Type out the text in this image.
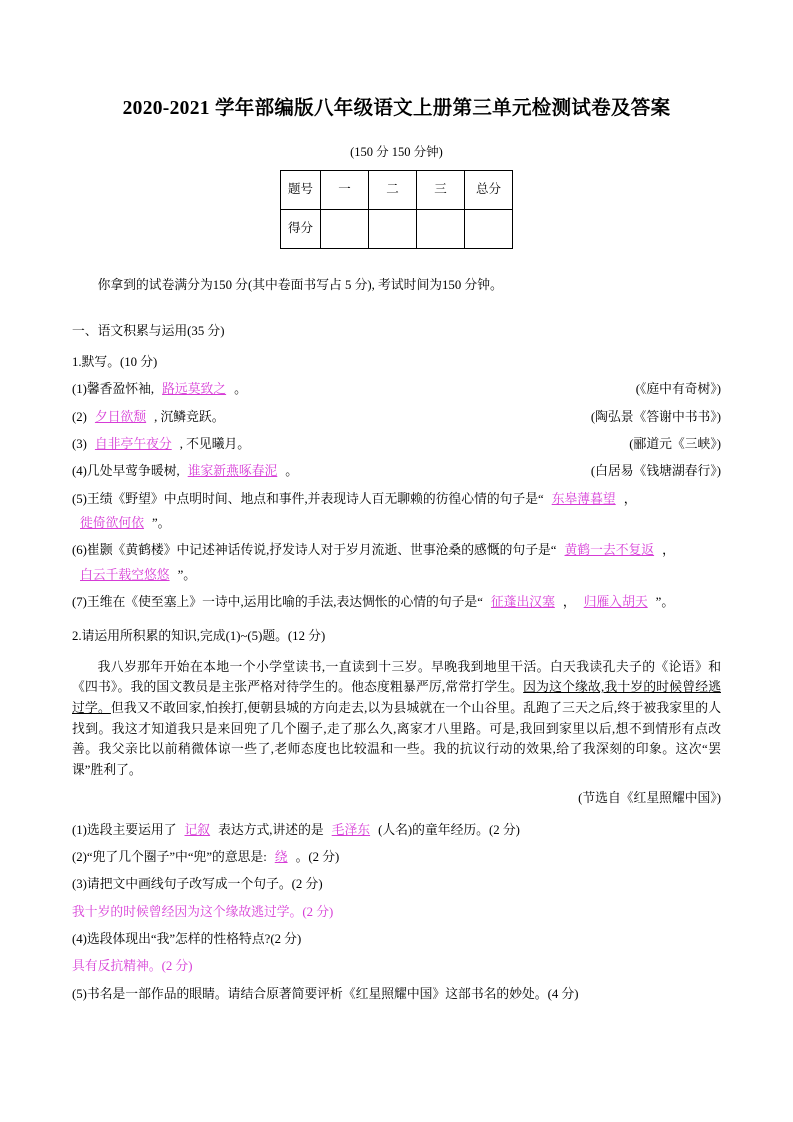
2020-2021 学年部编版八年级语文上册第三单元检测试卷及答案
(150 分 150 分钟)
题号	一	二	三	总分
得分				

你拿到的试卷满分为150 分(其中卷面书写占 5 分), 考试时间为150 分钟。

一、语文积累与运用(35 分)

1.默写。(10 分)

(《庭中有奇树》)
(1)馨香盈怀袖, 路远莫致之 。

(陶弘景《答谢中书书》)
(2) 夕日欲颓 , 沉鳞竞跃。

(郦道元《三峡》)
(3) 自非亭午夜分 , 不见曦月。

(白居易《钱塘湖春行》)
(4)几处早莺争暖树, 谁家新燕啄春泥 。

(5)王绩《野望》中点明时间、地点和事件,并表现诗人百无聊赖的彷徨心情的句子是“ 东皋薄暮望 ，徙倚欲何依 ”。

(6)崔颢《黄鹤楼》中记述神话传说,抒发诗人对于岁月流逝、世事沧桑的感慨的句子是“ 黄鹤一去不复返 ，白云千载空悠悠 ”。

(7)王维在《使至塞上》一诗中,运用比喻的手法,表达惆怅的心情的句子是“ 征蓬出汉塞 ， 归雁入胡天 ”。

2.请运用所积累的知识,完成(1)~(5)题。(12 分)

我八岁那年开始在本地一个小学堂读书,一直读到十三岁。早晚我到地里干活。白天我读孔夫子的《论语》和《四书》。我的国文教员是主张严格对待学生的。他态度粗暴严厉,常常打学生。因为这个缘故,我十岁的时候曾经逃过学。但我又不敢回家,怕挨打,便朝县城的方向走去,以为县城就在一个山谷里。乱跑了三天之后,终于被我家里的人找到。我这才知道我只是来回兜了几个圈子,走了那么久,离家才八里路。可是,我回到家里以后,想不到情形有点改善。我父亲比以前稍微体谅一些了,老师态度也比较温和一些。我的抗议行动的效果,给了我深刻的印象。这次“罢课”胜利了。

(节选自《红星照耀中国》)

(1)选段主要运用了 记叙 表达方式,讲述的是 毛泽东 (人名)的童年经历。(2 分)

(2)“兜了几个圈子”中“兜”的意思是: 绕 。(2 分)

(3)请把文中画线句子改写成一个句子。(2 分)

我十岁的时候曾经因为这个缘故逃过学。(2 分)

(4)选段体现出“我”怎样的性格特点?(2 分)

具有反抗精神。(2 分)

(5)书名是一部作品的眼睛。请结合原著简要评析《红星照耀中国》这部书名的妙处。(4 分)
